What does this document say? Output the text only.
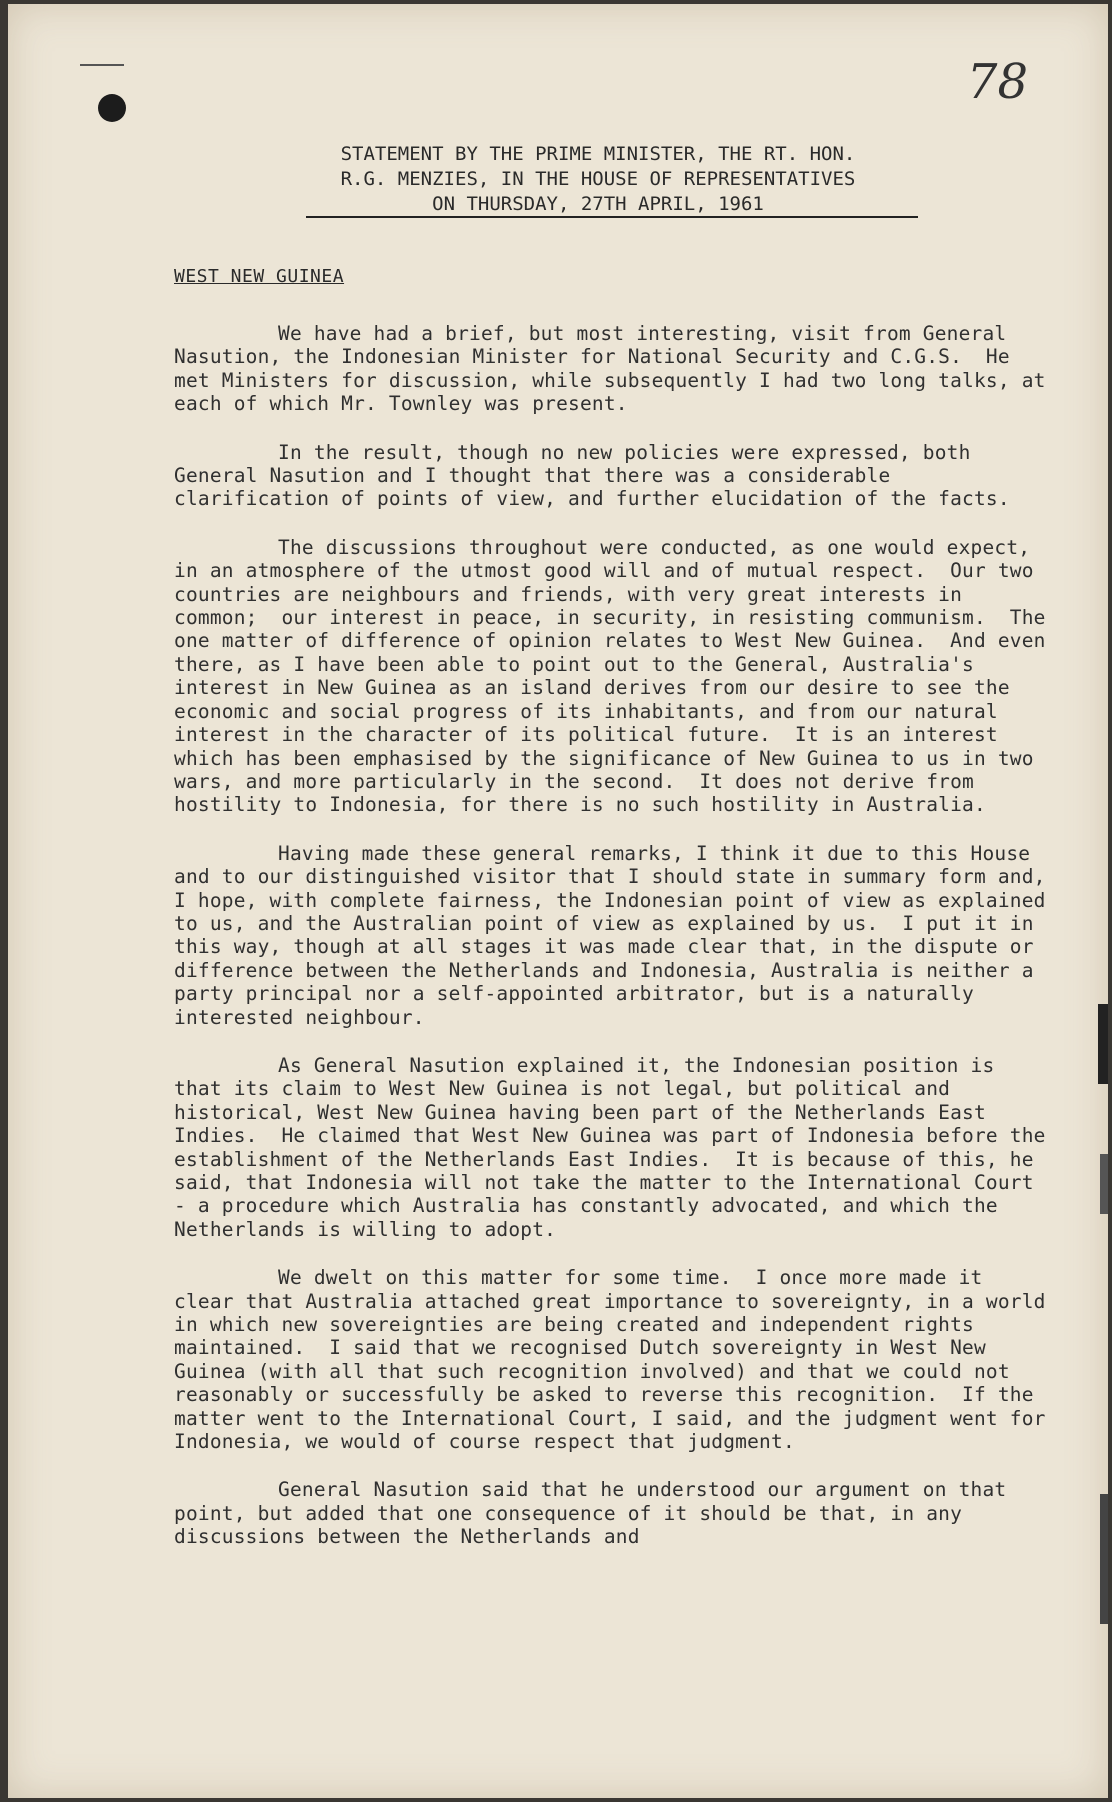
78
STATEMENT BY THE PRIME MINISTER, THE RT. HON.
R.G. MENZIES, IN THE HOUSE OF REPRESENTATIVES
ON THURSDAY, 27TH APRIL, 1961
WEST NEW GUINEA

We have had a brief, but most interesting, visit from General Nasution, the Indonesian Minister for National Security and C.G.S.  He met Ministers for discussion, while subsequently I had two long talks, at each of which Mr. Townley was present.

In the result, though no new policies were expressed, both General Nasution and I thought that there was a considerable clarification of points of view, and further elucidation of the facts.

The discussions throughout were conducted, as one would expect, in an atmosphere of the utmost good will and of mutual respect.  Our two countries are neighbours and friends, with very great interests in common;  our interest in peace, in security, in resisting communism.  The one matter of difference of opinion relates to West New Guinea.  And even there, as I have been able to point out to the General, Australia's interest in New Guinea as an island derives from our desire to see the economic and social progress of its inhabitants, and from our natural interest in the character of its political future.  It is an interest which has been emphasised by the significance of New Guinea to us in two wars, and more particularly in the second.  It does not derive from hostility to Indonesia, for there is no such hostility in Australia.

Having made these general remarks, I think it due to this House and to our distinguished visitor that I should state in summary form and, I hope, with complete fairness, the Indonesian point of view as explained to us, and the Australian point of view as explained by us.  I put it in this way, though at all stages it was made clear that, in the dispute or difference between the Netherlands and Indonesia, Australia is neither a party principal nor a self-appointed arbitrator, but is a naturally interested neighbour.

As General Nasution explained it, the Indonesian position is that its claim to West New Guinea is not legal, but political and historical, West New Guinea having been part of the Netherlands East Indies.  He claimed that West New Guinea was part of Indonesia before the establishment of the Netherlands East Indies.  It is because of this, he said, that Indonesia will not take the matter to the International Court - a procedure which Australia has constantly advocated, and which the Netherlands is willing to adopt.

We dwelt on this matter for some time.  I once more made it clear that Australia attached great importance to sovereignty, in a world in which new sovereignties are being created and independent rights maintained.  I said that we recognised Dutch sovereignty in West New Guinea (with all that such recognition involved) and that we could not reasonably or successfully be asked to reverse this recognition.  If the matter went to the International Court, I said, and the judgment went for Indonesia, we would of course respect that judgment.

General Nasution said that he understood our argument on that point, but added that one consequence of it should be that, in any discussions between the Netherlands and
